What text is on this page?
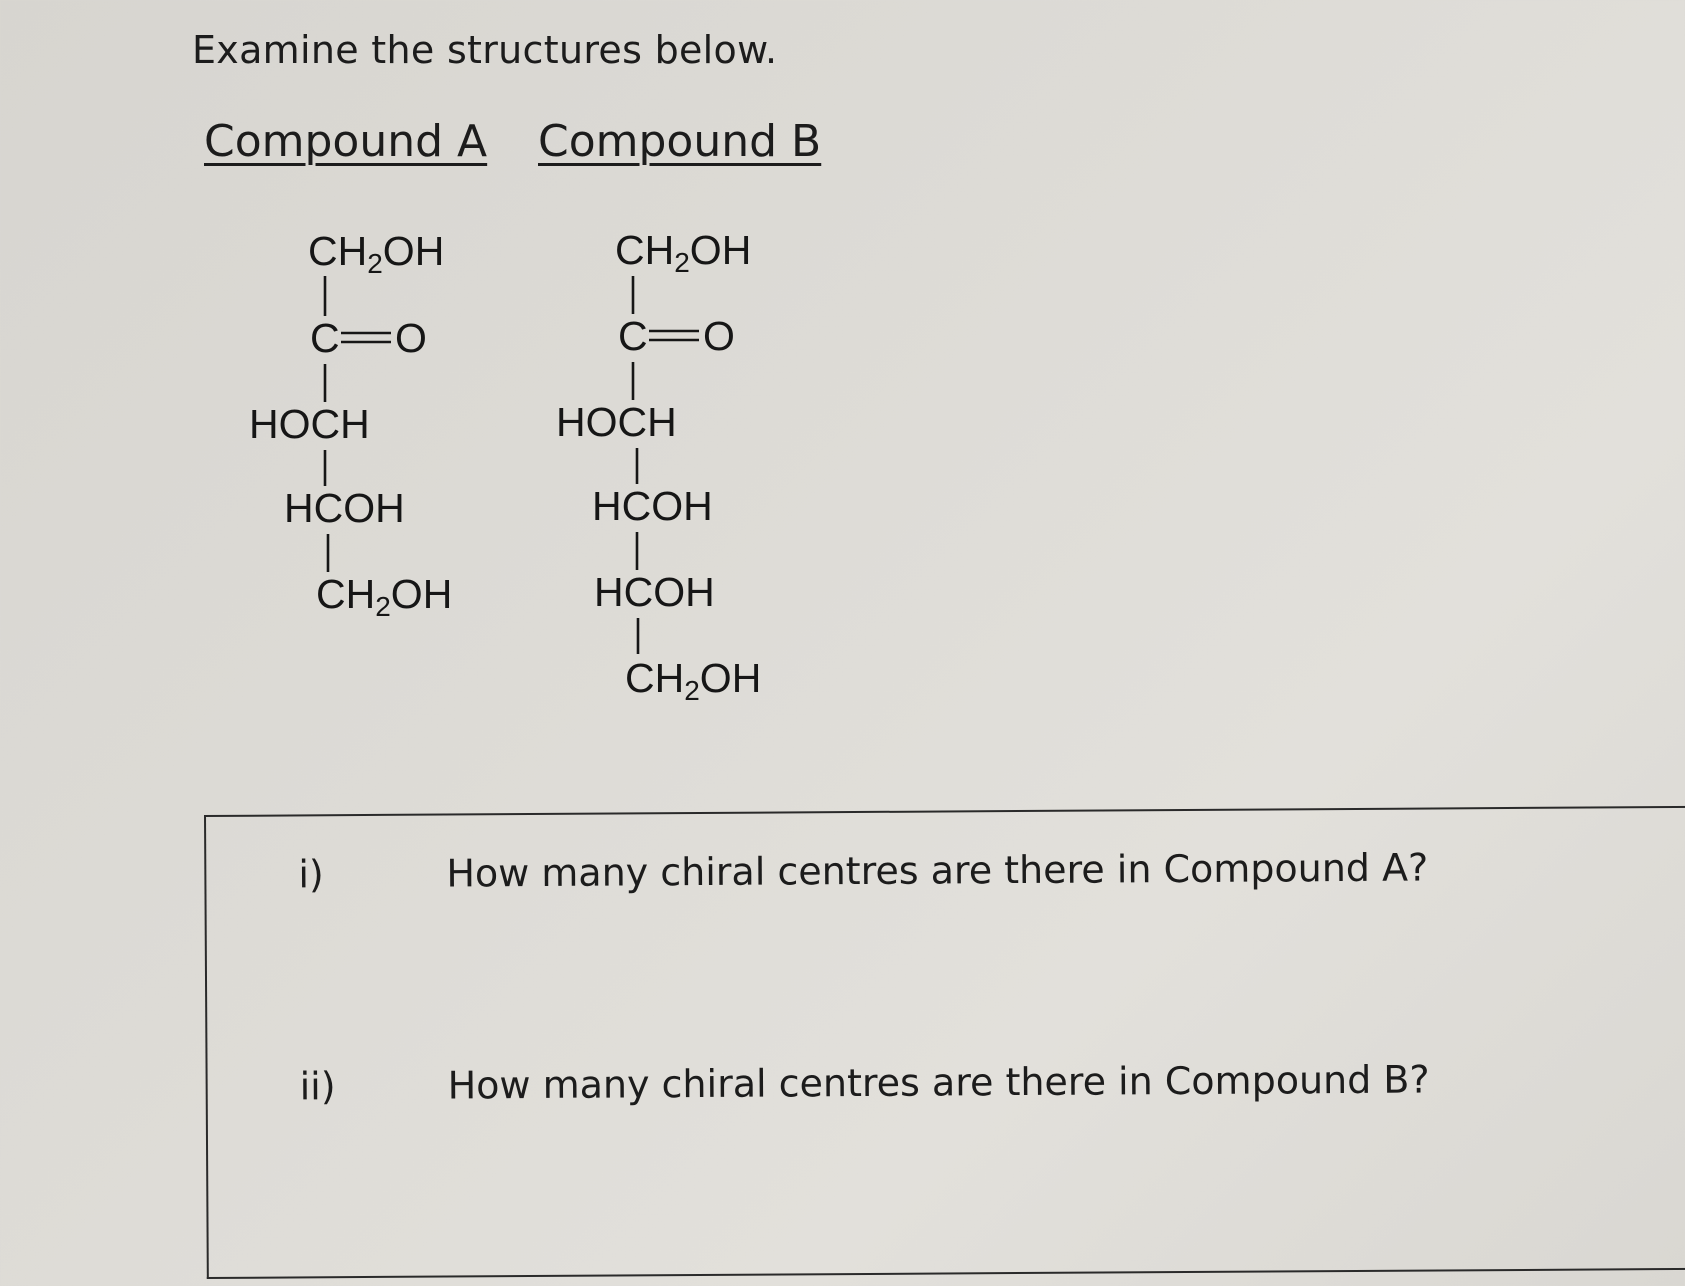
Examine the structures below.
Compound A Compound B
CH2OH
C O
HOCH
HCOH
CH2OH
CH2OH
C O
HOCH
HCOH
HCOH
CH2OH
i)	How many chiral centres are there in Compound A?
ii)	How many chiral centres are there in Compound B?
